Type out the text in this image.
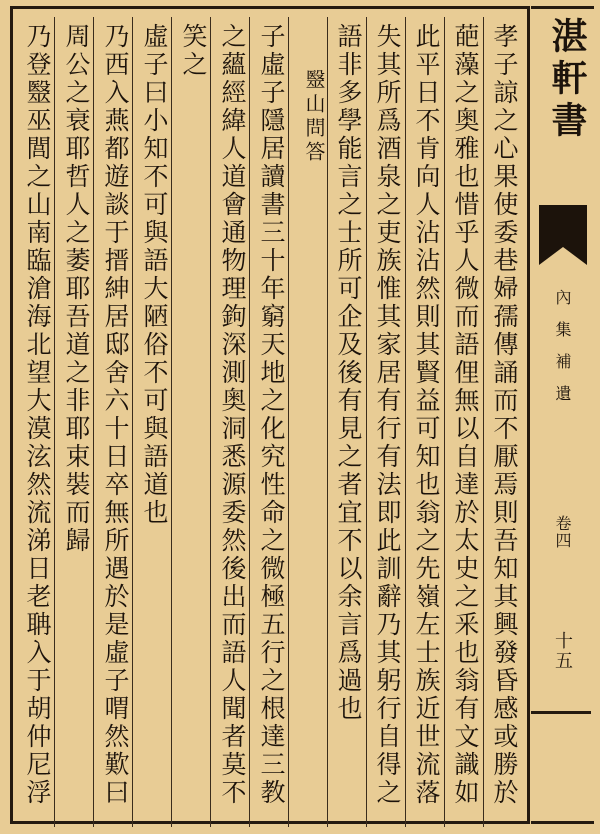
孝子諒之心果使委巷婦孺傳誦而不厭焉則吾知其興發昏感或勝於
葩藻之奥雅也惜乎人微而語俚無以自達於太史之釆也翁有文識如
此平日不肯向人沾沾然則其賢益可知也翁之先嶺左士族近世流落
失其所爲酒泉之吏族惟其家居有行有法即此訓辭乃其躬行自得之
語非多學能言之士所可企及後有見之者宜不以余言爲過也
毉山問答
子虛子隱居讀書三十年窮天地之化究性命之微極五行之根達三教
之蘊經緯人道會通物理鉤深測奥洞悉源委然後出而語人聞者莫不
笑之
虛子曰小知不可與語大陋俗不可與語道也
乃西入燕都遊談于搢紳居邸舍六十日卒無所遇於是虛子喟然歎曰
周公之衰耶哲人之萎耶吾道之非耶束裝而歸
乃登毉巫閭之山南臨滄海北望大漠泫然流涕日老聃入于胡仲尼浮	湛軒書
內集補遺
卷四
十五
